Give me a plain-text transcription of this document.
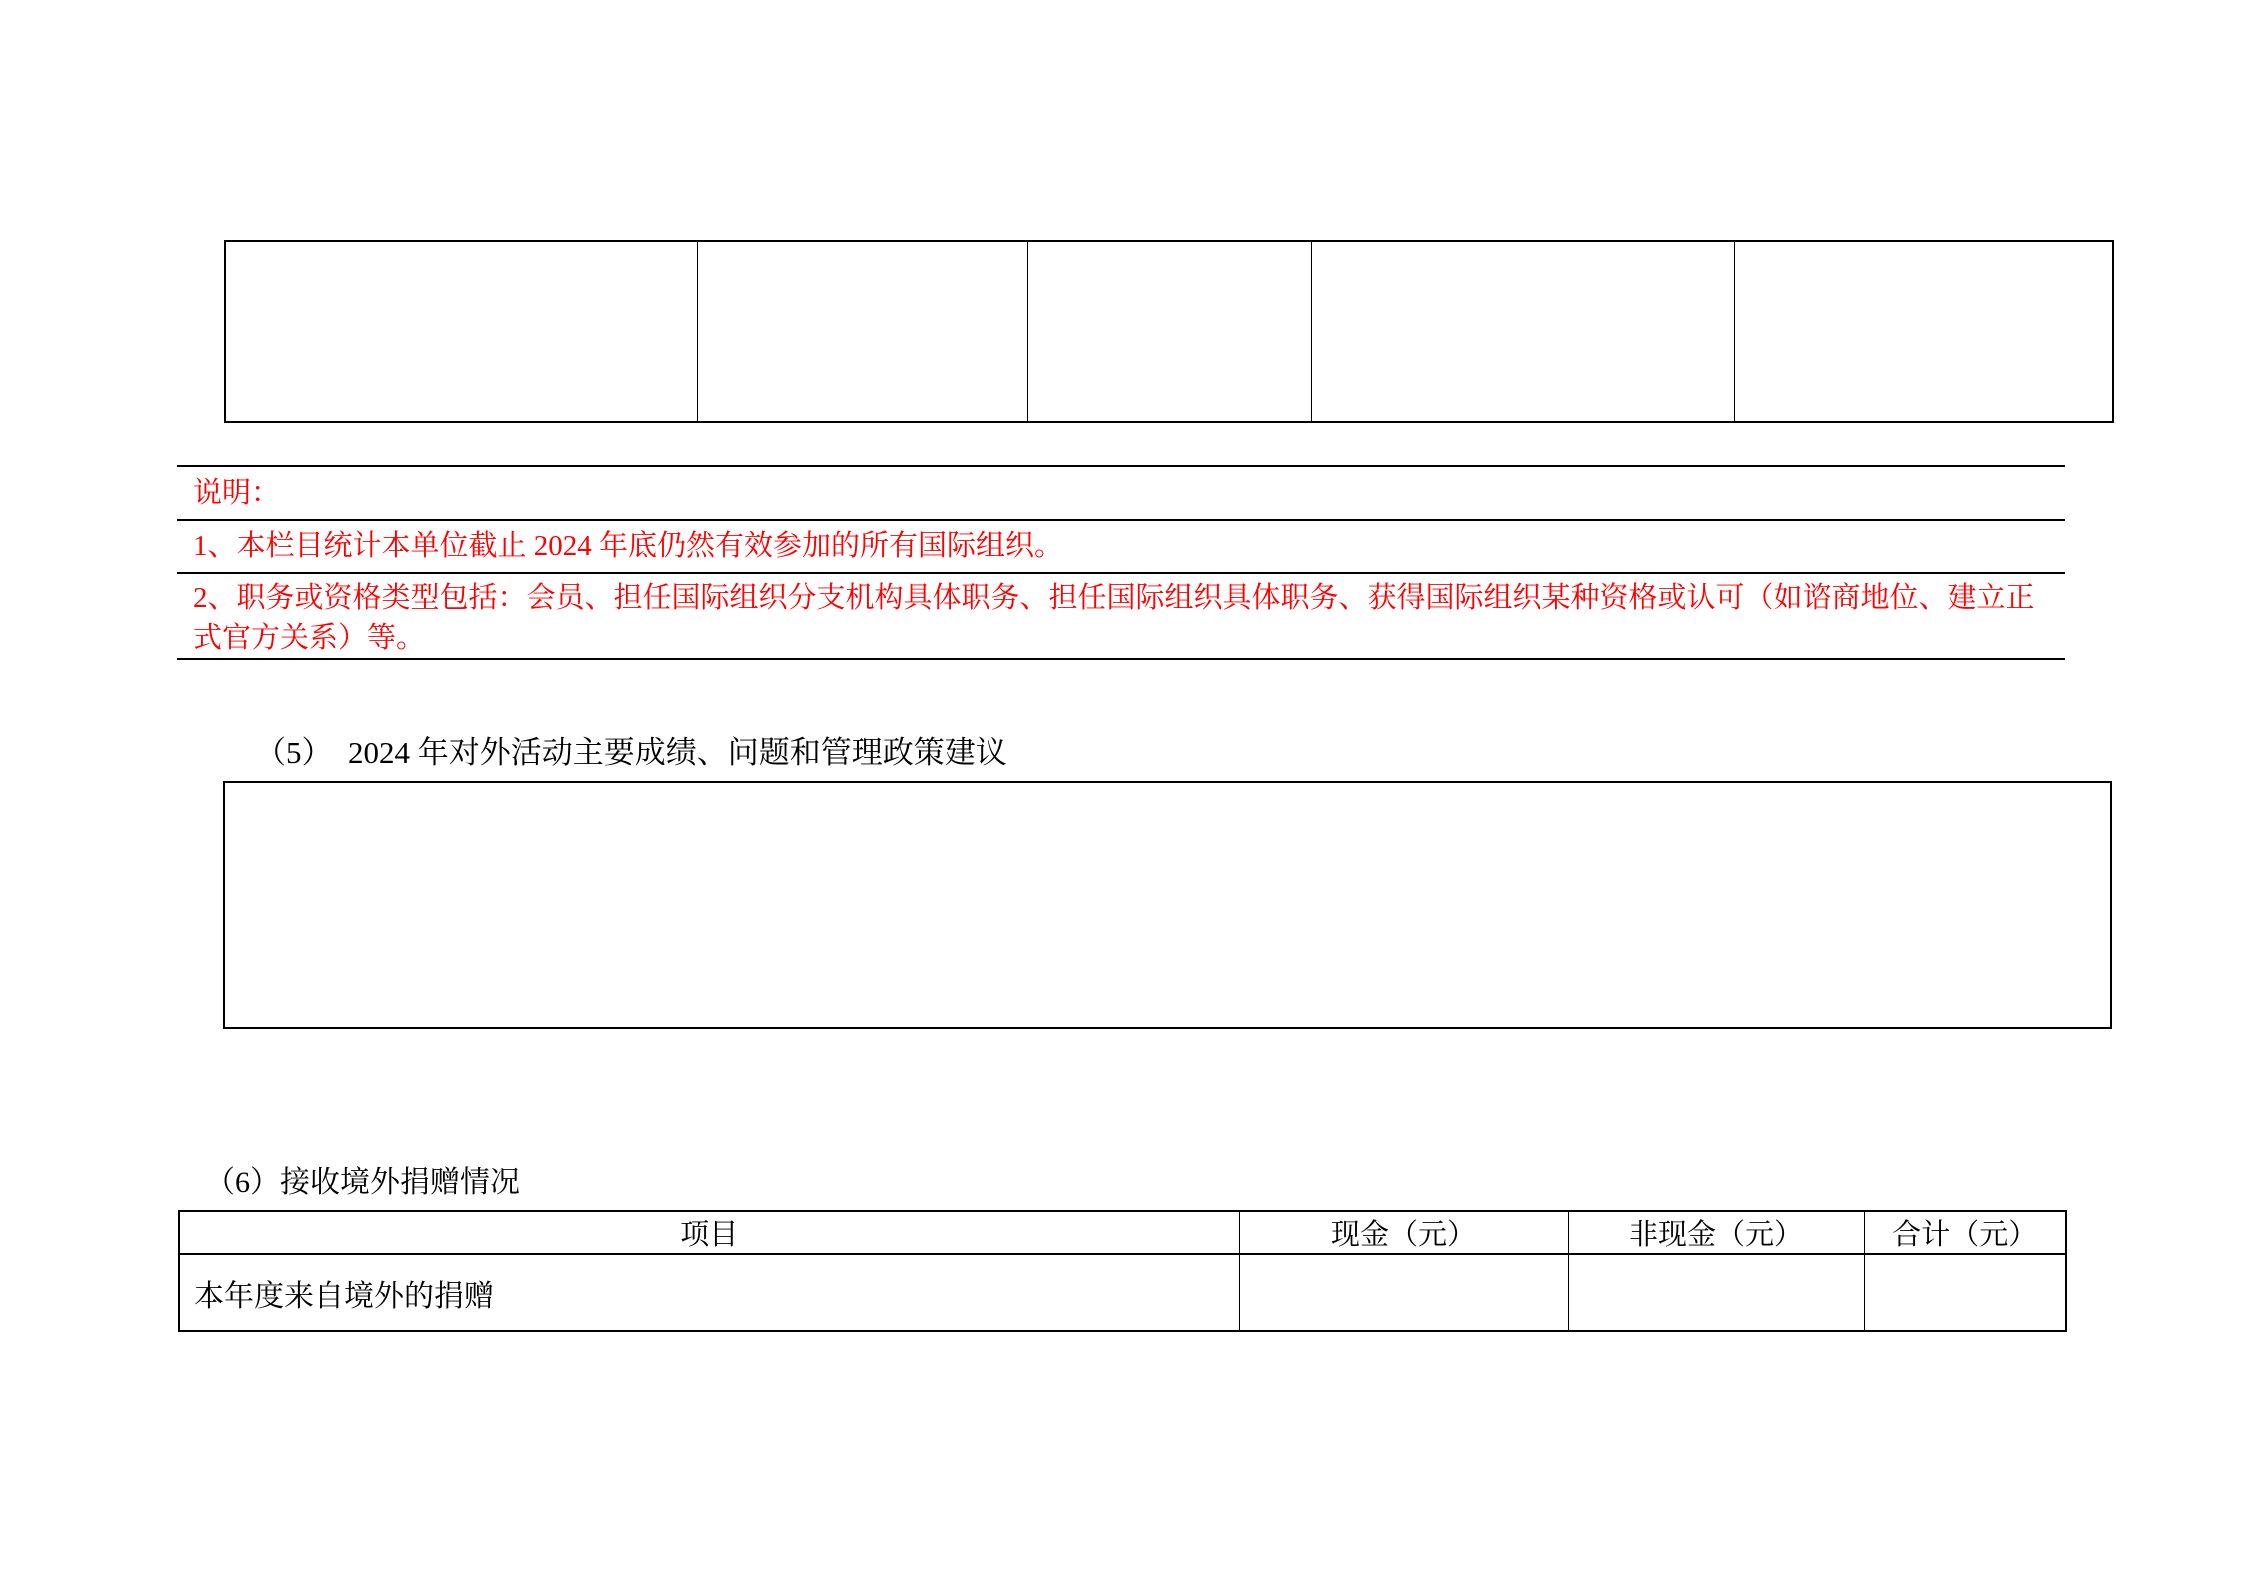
说明：
1、本栏目统计本单位截止 2024 年底仍然有效参加的所有国际组织。
2、职务或资格类型包括：会员、担任国际组织分支机构具体职务、担任国际组织具体职务、获得国际组织某种资格或认可（如谘商地位、建立正式官方关系）等。
（5）  2024 年对外活动主要成绩、问题和管理政策建议
（6）接收境外捐赠情况
项目	现金（元）	非现金（元）	合计（元）
本年度来自境外的捐赠			
